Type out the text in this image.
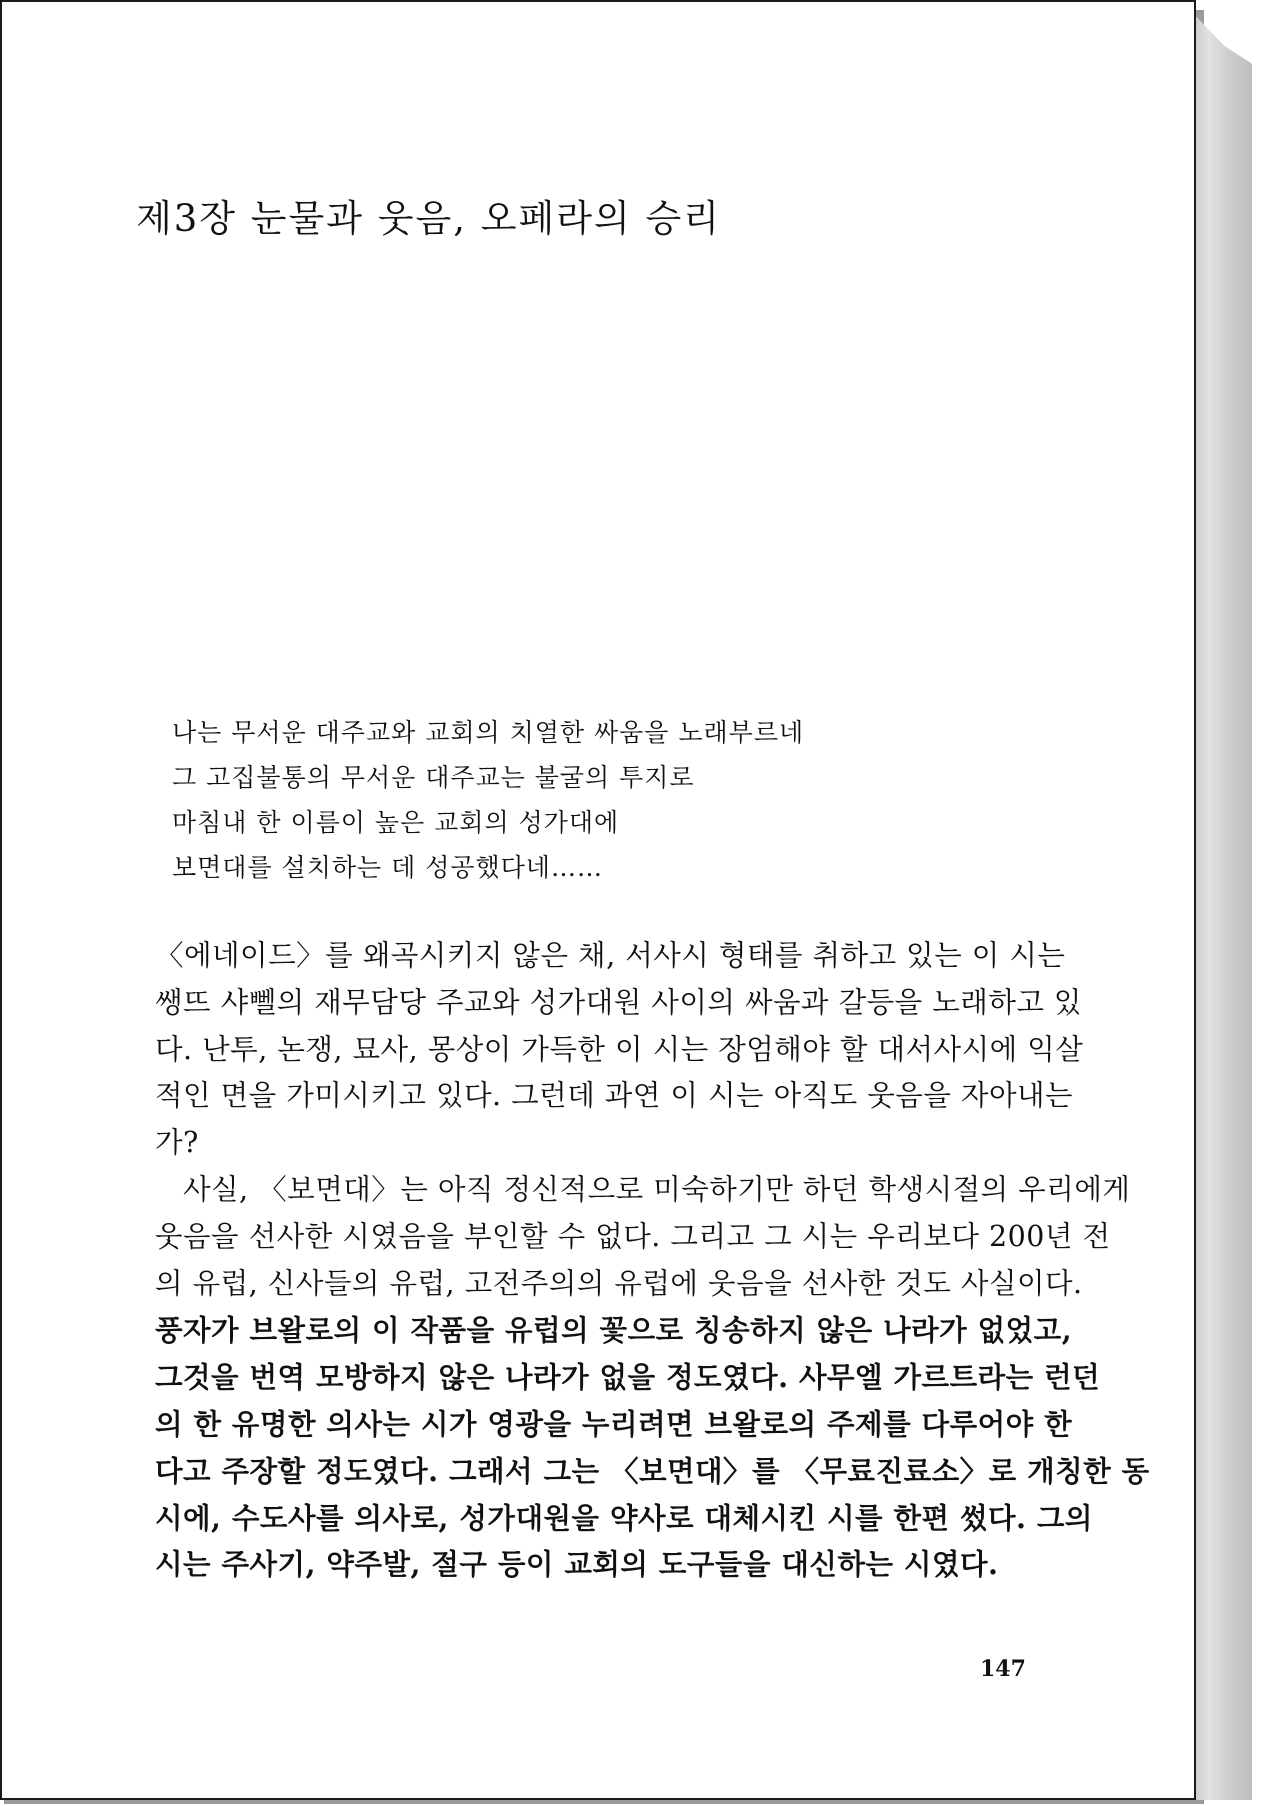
제3장 눈물과 웃음, 오페라의 승리
나는 무서운 대주교와 교회의 치열한 싸움을 노래부르네
그 고집불통의 무서운 대주교는 불굴의 투지로
마침내 한 이름이 높은 교회의 성가대에
보면대를 설치하는 데 성공했다네……
〈에네이드〉를 왜곡시키지 않은 채, 서사시 형태를 취하고 있는 이 시는
쌩뜨 샤뻴의 재무담당 주교와 성가대원 사이의 싸움과 갈등을 노래하고 있
다. 난투, 논쟁, 묘사, 몽상이 가득한 이 시는 장엄해야 할 대서사시에 익살
적인 면을 가미시키고 있다. 그런데 과연 이 시는 아직도 웃음을 자아내는
가?
사실, 〈보면대〉는 아직 정신적으로 미숙하기만 하던 학생시절의 우리에게
웃음을 선사한 시였음을 부인할 수 없다. 그리고 그 시는 우리보다 200년 전
의 유럽, 신사들의 유럽, 고전주의의 유럽에 웃음을 선사한 것도 사실이다.
풍자가 브왈로의 이 작품을 유럽의 꽃으로 칭송하지 않은 나라가 없었고,
그것을 번역 모방하지 않은 나라가 없을 정도였다. 사무엘 가르트라는 런던
의 한 유명한 의사는 시가 영광을 누리려면 브왈로의 주제를 다루어야 한
다고 주장할 정도였다. 그래서 그는 〈보면대〉를 〈무료진료소〉로 개칭한 동
시에, 수도사를 의사로, 성가대원을 약사로 대체시킨 시를 한편 썼다. 그의
시는 주사기, 약주발, 절구 등이 교회의 도구들을 대신하는 시였다.
147
